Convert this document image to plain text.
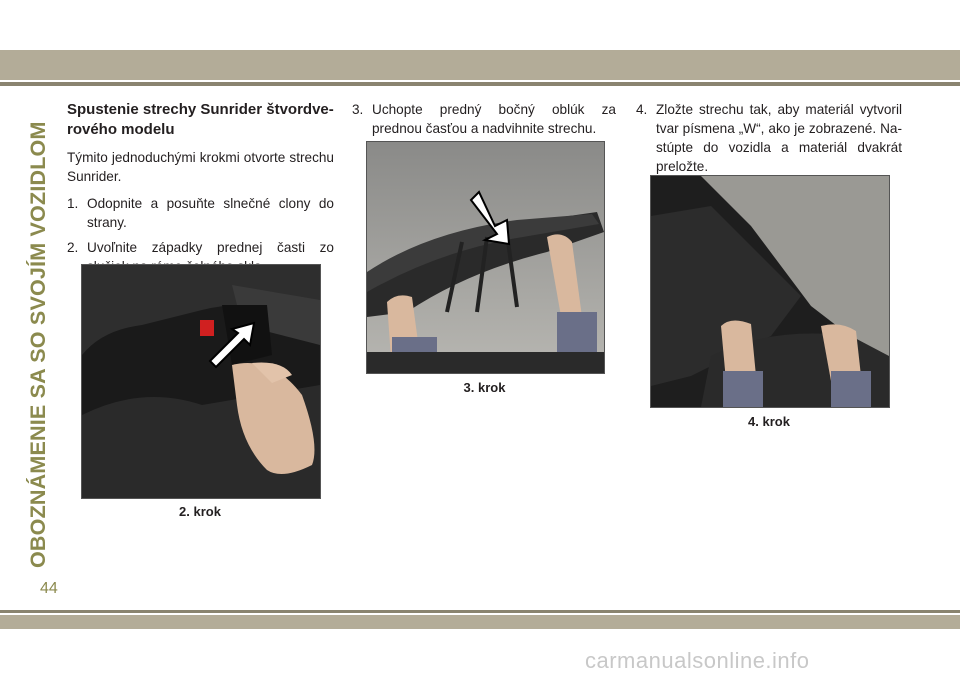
OBOZNÁMENIE SA SO SVOJÍM VOZIDLOM
44
Spustenie strechy Sunrider štvordve-
rového modelu

Týmito jednoduchými krokmi otvorte strechu Sunrider.

1. Odopnite a posuňte slnečné clony do strany.
2. Uvoľnite západky prednej časti zo
2. krok
3. Uchopte predný bočný oblúk za prednou časťou a nadvihnite strechu.
3. krok
4. Zložte strechu tak, aby materiál vytvoril tvar písmena „W“, ako je zobrazené. Na-stúpte do vozidla a materiál dvakrát preložte.
4. krok
carmanualsonline.info
